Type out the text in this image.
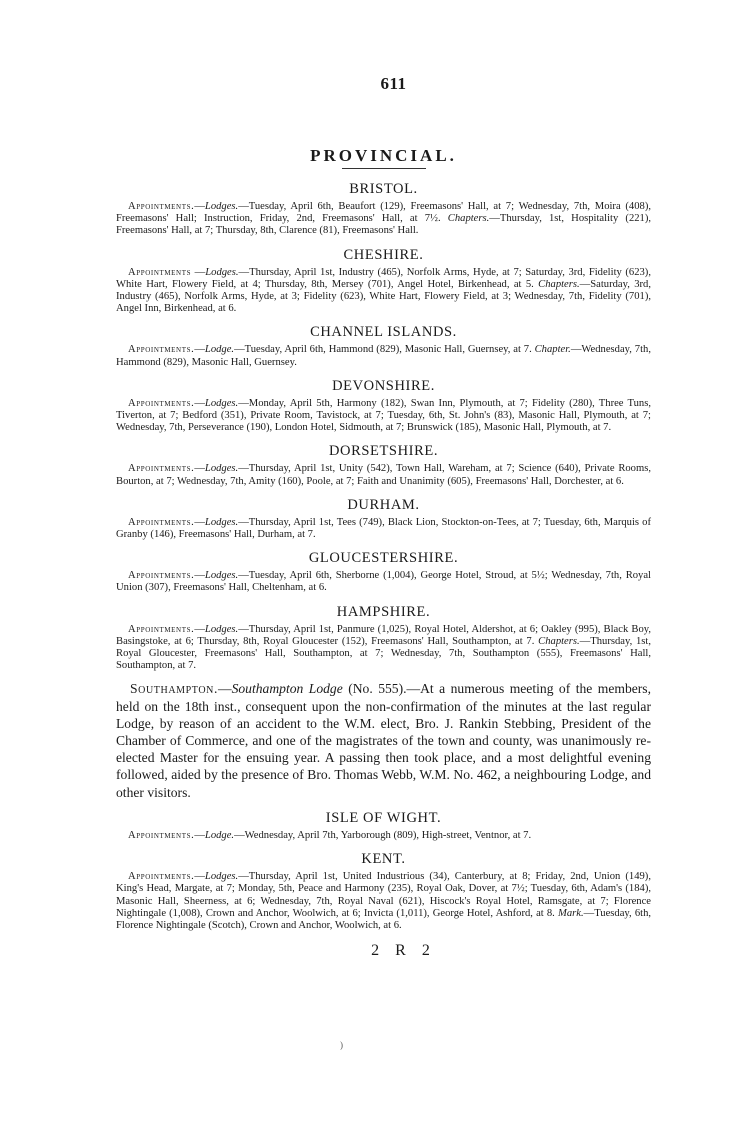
611
PROVINCIAL.
BRISTOL.

Appointments.—Lodges.—Tuesday, April 6th, Beaufort (129), Freemasons' Hall, at 7; Wednesday, 7th, Moira (408), Freemasons' Hall; Instruction, Friday, 2nd, Freemasons' Hall, at 7½. Chapters.—Thursday, 1st, Hospitality (221), Freemasons' Hall, at 7; Thursday, 8th, Clarence (81), Freemasons' Hall.

CHESHIRE.

Appointments —Lodges.—Thursday, April 1st, Industry (465), Norfolk Arms, Hyde, at 7; Saturday, 3rd, Fidelity (623), White Hart, Flowery Field, at 4; Thursday, 8th, Mersey (701), Angel Hotel, Birkenhead, at 5. Chapters.—Saturday, 3rd, Industry (465), Norfolk Arms, Hyde, at 3; Fidelity (623), White Hart, Flowery Field, at 3; Wednesday, 7th, Fidelity (701), Angel Inn, Birkenhead, at 6.

CHANNEL ISLANDS.

Appointments.—Lodge.—Tuesday, April 6th, Hammond (829), Masonic Hall, Guernsey, at 7. Chapter.—Wednesday, 7th, Hammond (829), Masonic Hall, Guernsey.

DEVONSHIRE.

Appointments.—Lodges.—Monday, April 5th, Harmony (182), Swan Inn, Plymouth, at 7; Fidelity (280), Three Tuns, Tiverton, at 7; Bedford (351), Private Room, Tavistock, at 7; Tuesday, 6th, St. John's (83), Masonic Hall, Plymouth, at 7; Wednesday, 7th, Perseverance (190), London Hotel, Sidmouth, at 7; Brunswick (185), Masonic Hall, Plymouth, at 7.

DORSETSHIRE.

Appointments.—Lodges.—Thursday, April 1st, Unity (542), Town Hall, Wareham, at 7; Science (640), Private Rooms, Bourton, at 7; Wednesday, 7th, Amity (160), Poole, at 7; Faith and Unanimity (605), Freemasons' Hall, Dorchester, at 6.

DURHAM.

Appointments.—Lodges.—Thursday, April 1st, Tees (749), Black Lion, Stockton-on-Tees, at 7; Tuesday, 6th, Marquis of Granby (146), Freemasons' Hall, Durham, at 7.

GLOUCESTERSHIRE.

Appointments.—Lodges.—Tuesday, April 6th, Sherborne (1,004), George Hotel, Stroud, at 5½; Wednesday, 7th, Royal Union (307), Freemasons' Hall, Cheltenham, at 6.

HAMPSHIRE.

Appointments.—Lodges.—Thursday, April 1st, Panmure (1,025), Royal Hotel, Aldershot, at 6; Oakley (995), Black Boy, Basingstoke, at 6; Thursday, 8th, Royal Gloucester (152), Freemasons' Hall, Southampton, at 7. Chapters.—Thursday, 1st, Royal Gloucester, Freemasons' Hall, Southampton, at 7; Wednesday, 7th, Southampton (555), Freemasons' Hall, Southampton, at 7.

Southampton.—Southampton Lodge (No. 555).—At a numerous meeting of the members, held on the 18th inst., consequent upon the non-confirmation of the minutes at the last regular Lodge, by reason of an accident to the W.M. elect, Bro. J. Rankin Stebbing, President of the Chamber of Commerce, and one of the magistrates of the town and county, was unanimously re-elected Master for the ensuing year. A passing then took place, and a most delightful evening followed, aided by the presence of Bro. Thomas Webb, W.M. No. 462, a neighbouring Lodge, and other visitors.

ISLE OF WIGHT.

Appointments.—Lodge.—Wednesday, April 7th, Yarborough (809), High-street, Ventnor, at 7.

KENT.

Appointments.—Lodges.—Thursday, April 1st, United Industrious (34), Canterbury, at 8; Friday, 2nd, Union (149), King's Head, Margate, at 7; Monday, 5th, Peace and Harmony (235), Royal Oak, Dover, at 7½; Tuesday, 6th, Adam's (184), Masonic Hall, Sheerness, at 6; Wednesday, 7th, Royal Naval (621), Hiscock's Royal Hotel, Ramsgate, at 7; Florence Nightingale (1,008), Crown and Anchor, Woolwich, at 6; Invicta (1,011), George Hotel, Ashford, at 8. Mark.—Tuesday, 6th, Florence Nightingale (Scotch), Crown and Anchor, Woolwich, at 6.

2 R 2
)
